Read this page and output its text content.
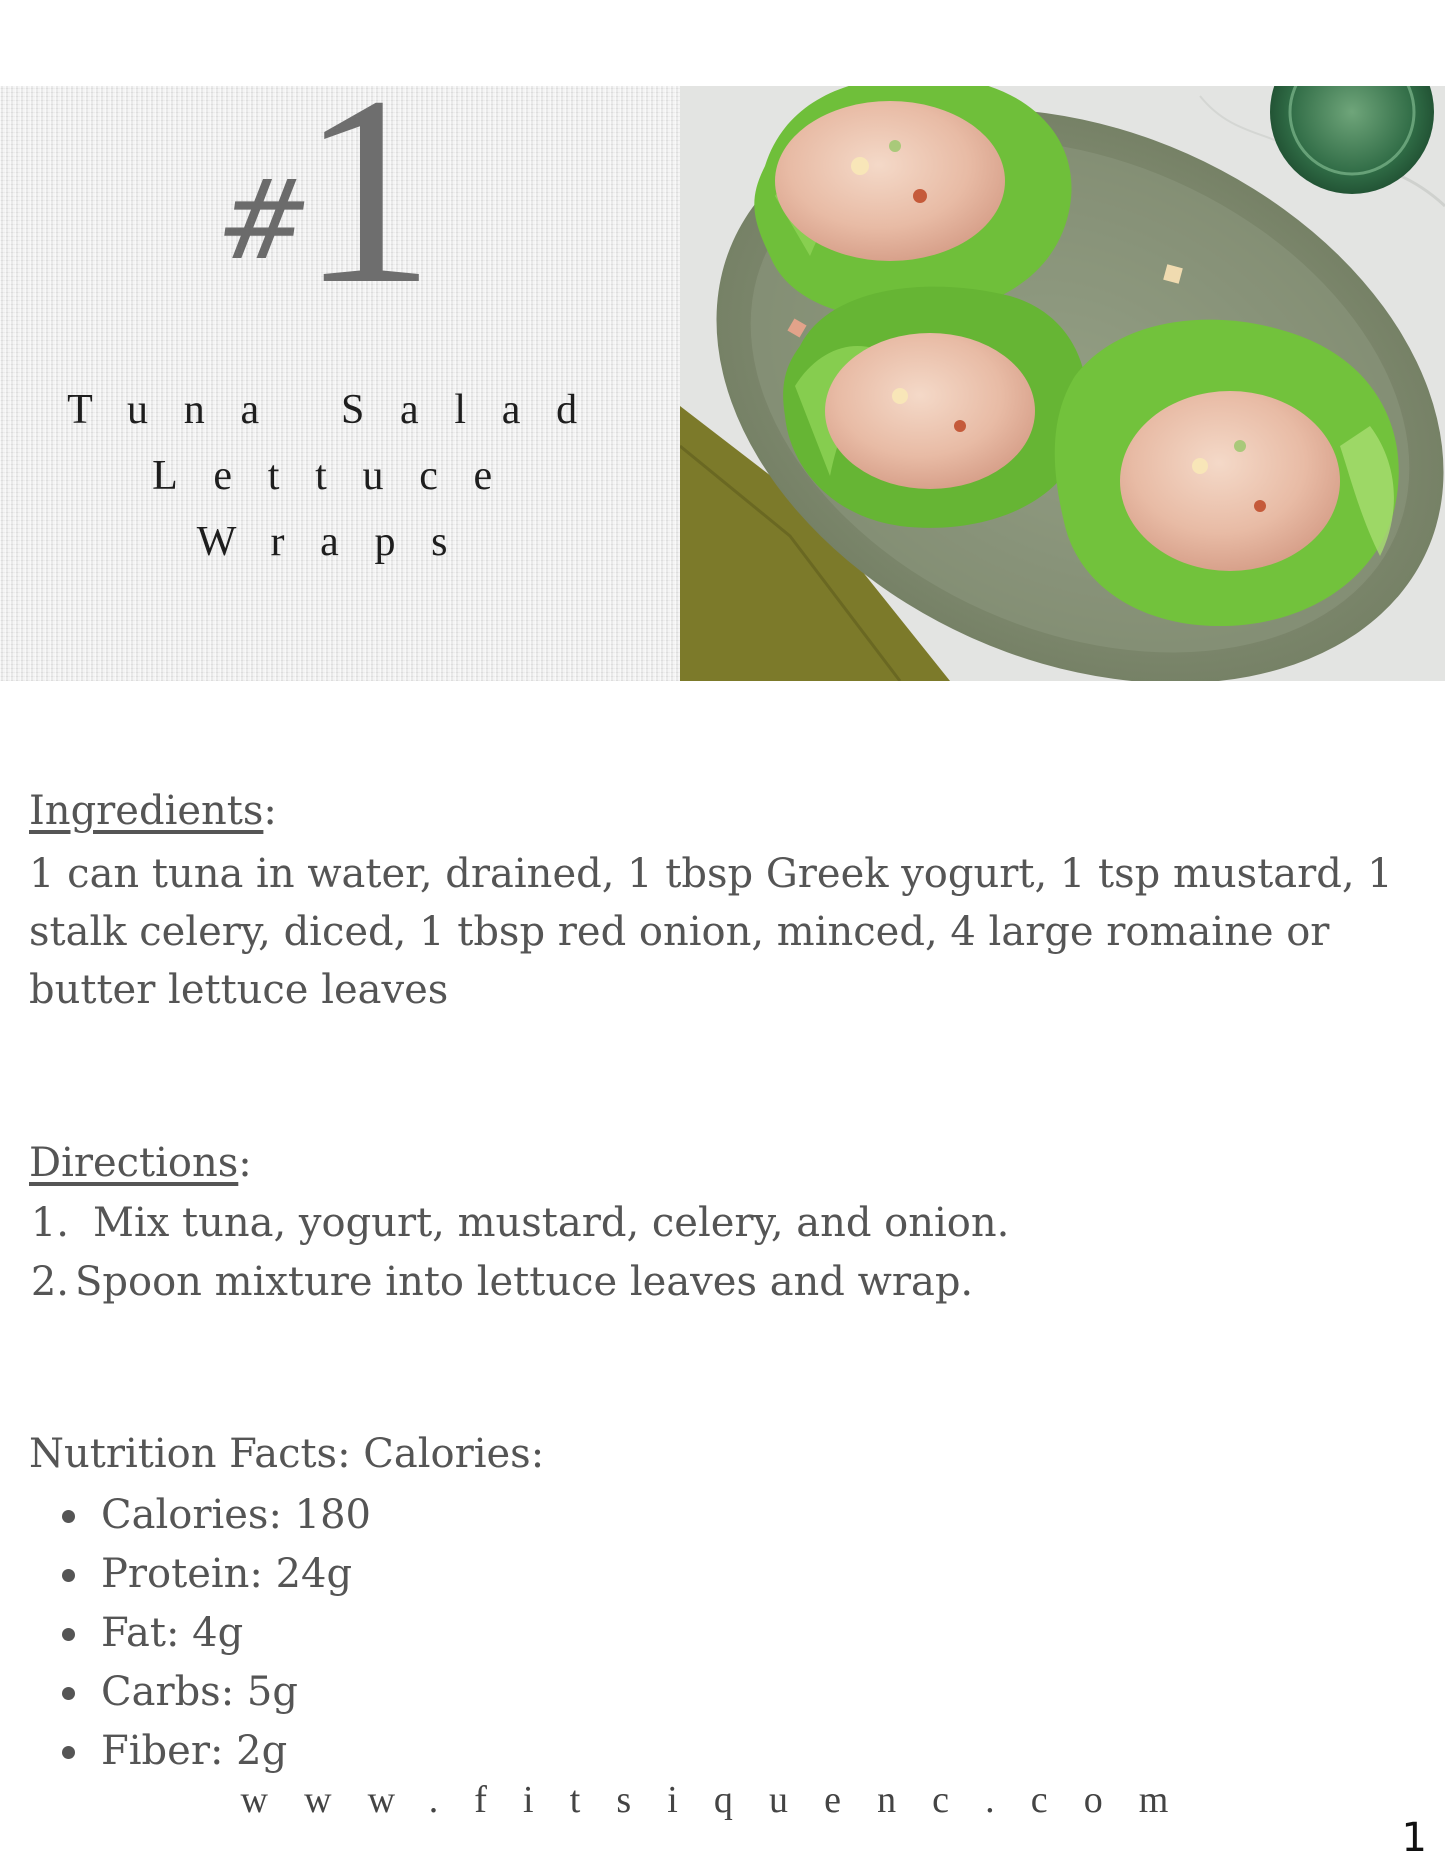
#
1
Tuna Salad
Lettuce
Wraps
Ingredients:
1 can tuna in water, drained, 1 tbsp Greek yogurt, 1 tsp mustard, 1 stalk celery, diced, 1 tbsp red onion, minced, 4 large romaine or butter lettuce leaves
Directions:
1. Mix tuna, yogurt, mustard, celery, and onion.
2. Spoon mixture into lettuce leaves and wrap.
Nutrition Facts: Calories:
Calories: 180
Protein: 24g
Fat: 4g
Carbs: 5g
Fiber: 2g
www.fitsiquenc.com
1
